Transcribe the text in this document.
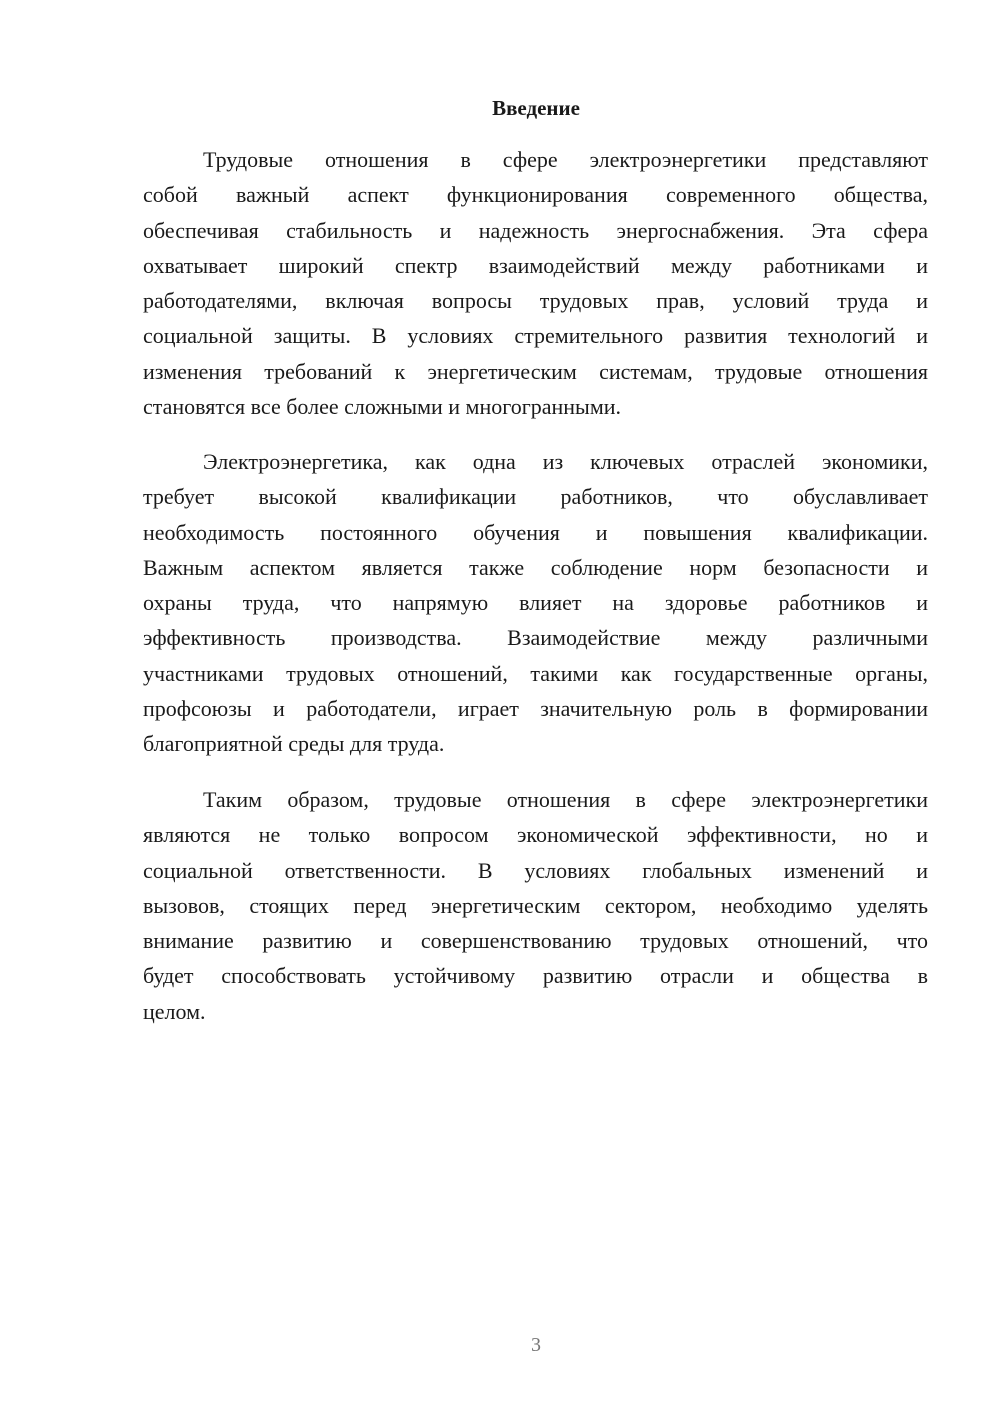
Введение
Трудовые отношения в сфере электроэнергетики представляют
собой важный аспект функционирования современного общества,
обеспечивая стабильность и надежность энергоснабжения. Эта сфера
охватывает широкий спектр взаимодействий между работниками и
работодателями, включая вопросы трудовых прав, условий труда и
социальной защиты. В условиях стремительного развития технологий и
изменения требований к энергетическим системам, трудовые отношения
становятся все более сложными и многогранными.
Электроэнергетика, как одна из ключевых отраслей экономики,
требует высокой квалификации работников, что обуславливает
необходимость постоянного обучения и повышения квалификации.
Важным аспектом является также соблюдение норм безопасности и
охраны труда, что напрямую влияет на здоровье работников и
эффективность производства. Взаимодействие между различными
участниками трудовых отношений, такими как государственные органы,
профсоюзы и работодатели, играет значительную роль в формировании
благоприятной среды для труда.
Таким образом, трудовые отношения в сфере электроэнергетики
являются не только вопросом экономической эффективности, но и
социальной ответственности. В условиях глобальных изменений и
вызовов, стоящих перед энергетическим сектором, необходимо уделять
внимание развитию и совершенствованию трудовых отношений, что
будет способствовать устойчивому развитию отрасли и общества в
целом.
3
